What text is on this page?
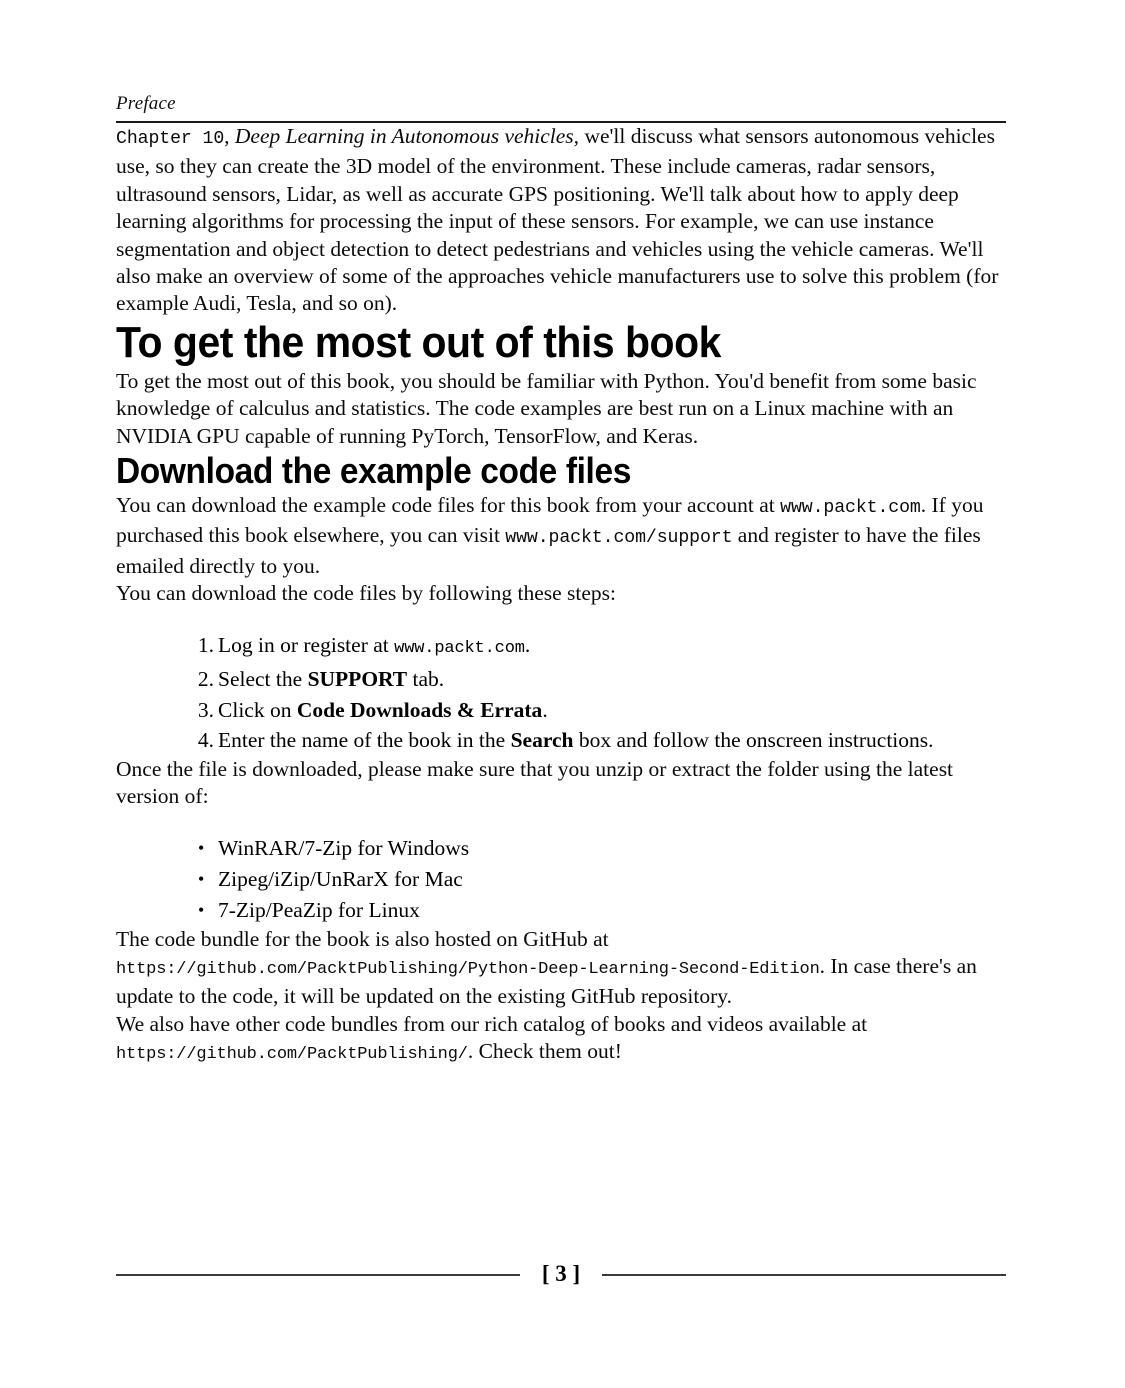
Preface

Chapter 10, Deep Learning in Autonomous vehicles, we'll discuss what sensors autonomous vehicles use, so they can create the 3D model of the environment. These include cameras, radar sensors, ultrasound sensors, Lidar, as well as accurate GPS positioning. We'll talk about how to apply deep learning algorithms for processing the input of these sensors. For example, we can use instance segmentation and object detection to detect pedestrians and vehicles using the vehicle cameras. We'll also make an overview of some of the approaches vehicle manufacturers use to solve this problem (for example Audi, Tesla, and so on).

To get the most out of this book

To get the most out of this book, you should be familiar with Python. You'd benefit from some basic knowledge of calculus and statistics. The code examples are best run on a Linux machine with an NVIDIA GPU capable of running PyTorch, TensorFlow, and Keras.

Download the example code files

You can download the example code files for this book from your account at www.packt.com. If you purchased this book elsewhere, you can visit www.packt.com/support and register to have the files emailed directly to you.

You can download the code files by following these steps:

Log in or register at www.packt.com.
Select the SUPPORT tab.
Click on Code Downloads & Errata.
Enter the name of the book in the Search box and follow the onscreen instructions.

Once the file is downloaded, please make sure that you unzip or extract the folder using the latest version of:

• WinRAR/7-Zip for Windows
• Zipeg/iZip/UnRarX for Mac
• 7-Zip/PeaZip for Linux

The code bundle for the book is also hosted on GitHub at https://github.com/PacktPublishing/Python-Deep-Learning-Second-Edition. In case there's an update to the code, it will be updated on the existing GitHub repository.

We also have other code bundles from our rich catalog of books and videos available at https://github.com/PacktPublishing/. Check them out!

[ 3 ]
